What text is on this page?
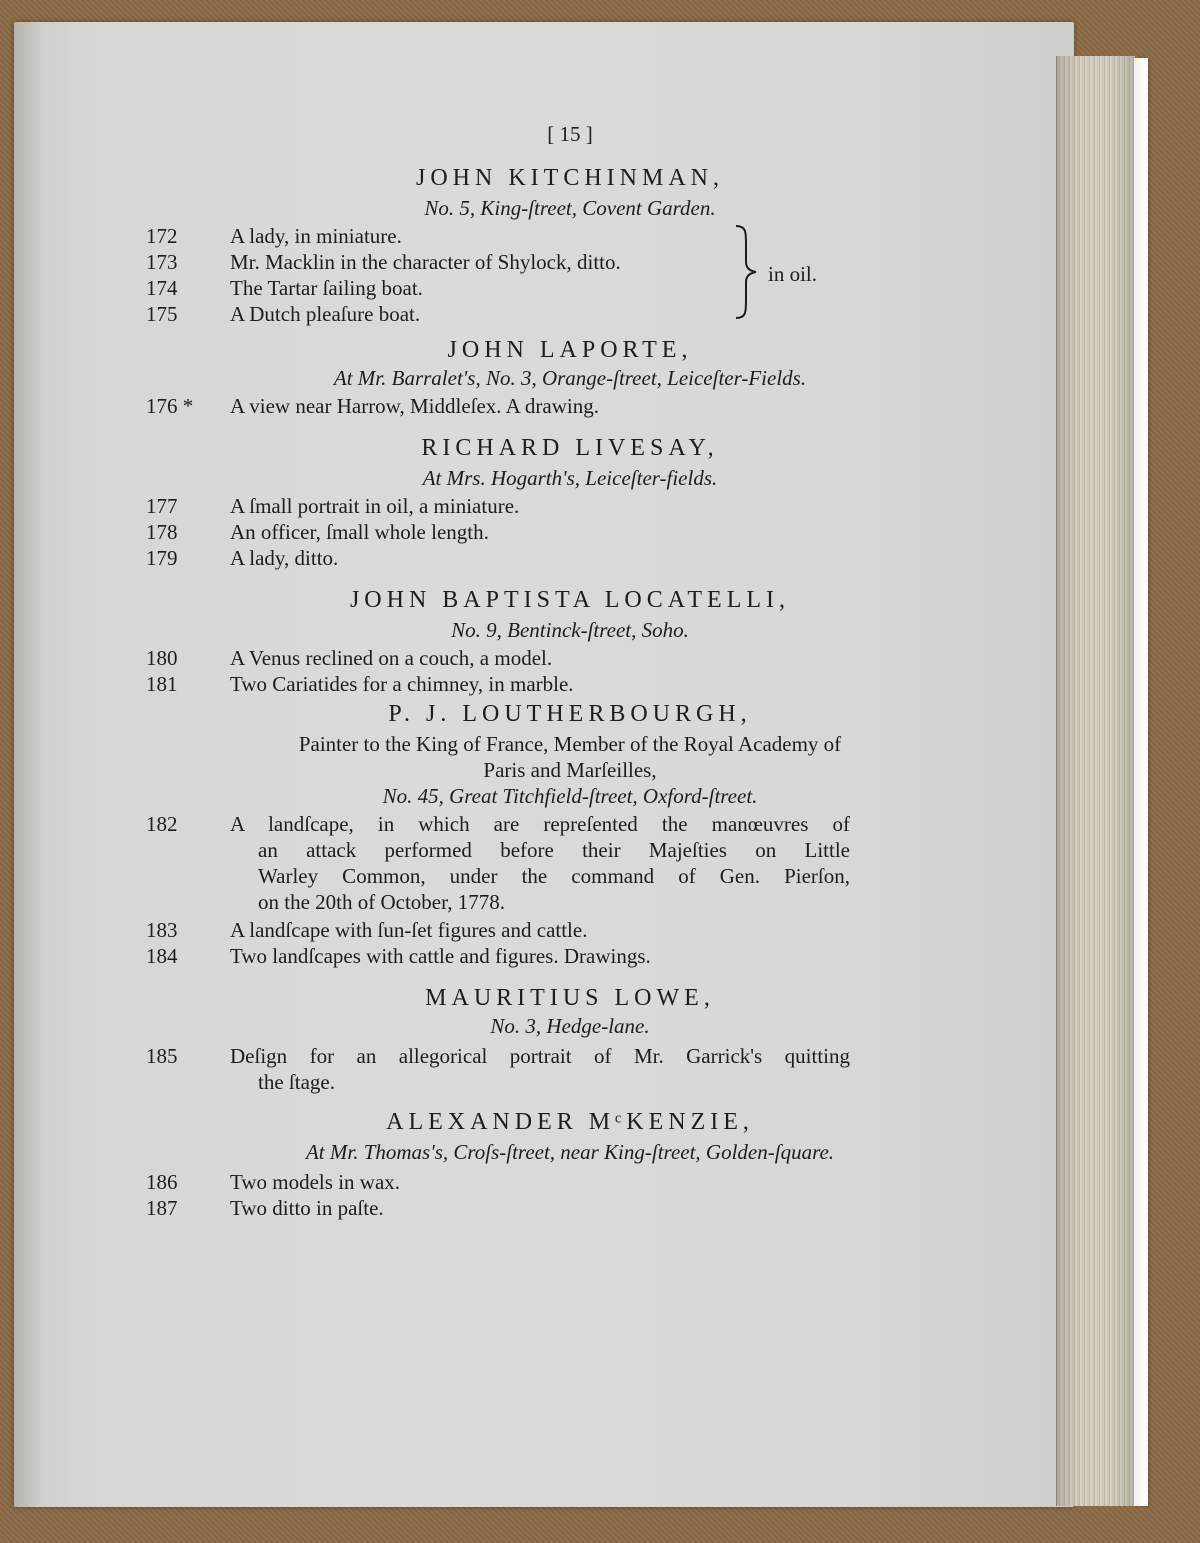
[ 15 ]
JOHN KITCHINMAN,
No. 5, King-ſtreet, Covent Garden.
172	A lady, in miniature.
173	Mr. Macklin in the character of Shylock, ditto.
174	The Tartar ſailing boat.
175	A Dutch pleaſure boat.
in oil.
JOHN LAPORTE,
At Mr. Barralet's, No. 3, Orange-ſtreet, Leiceſter-Fields.
176 * A view near Harrow, Middleſex. A drawing.
RICHARD LIVESAY,
At Mrs. Hogarth's, Leiceſter-fields.
177	A ſmall portrait in oil, a miniature.
178	An officer, ſmall whole length.
179	A lady, ditto.
JOHN BAPTISTA LOCATELLI,
No. 9, Bentinck-ſtreet, Soho.
180	A Venus reclined on a couch, a model.
181	Two Cariatides for a chimney, in marble.
P. J. LOUTHERBOURGH,
Painter to the King of France, Member of the Royal Academy of
Paris and Marſeilles,
No. 45, Great Titchfield-ſtreet, Oxford-ſtreet.
182	A landſcape, in which are repreſented the manœuvres of
an attack performed before their Majeſties on Little
Warley Common, under the command of Gen. Pierſon,
on the 20th of October, 1778.
183	A landſcape with ſun-ſet figures and cattle.
184	Two landſcapes with cattle and figures. Drawings.
MAURITIUS LOWE,
No. 3, Hedge-lane.
185	Deſign for an allegorical portrait of Mr. Garrick's quitting
the ſtage.
ALEXANDER MᶜKENZIE,
At Mr. Thomas's, Croſs-ſtreet, near King-ſtreet, Golden-ſquare.
186	Two models in wax.
187	Two ditto in paſte.
